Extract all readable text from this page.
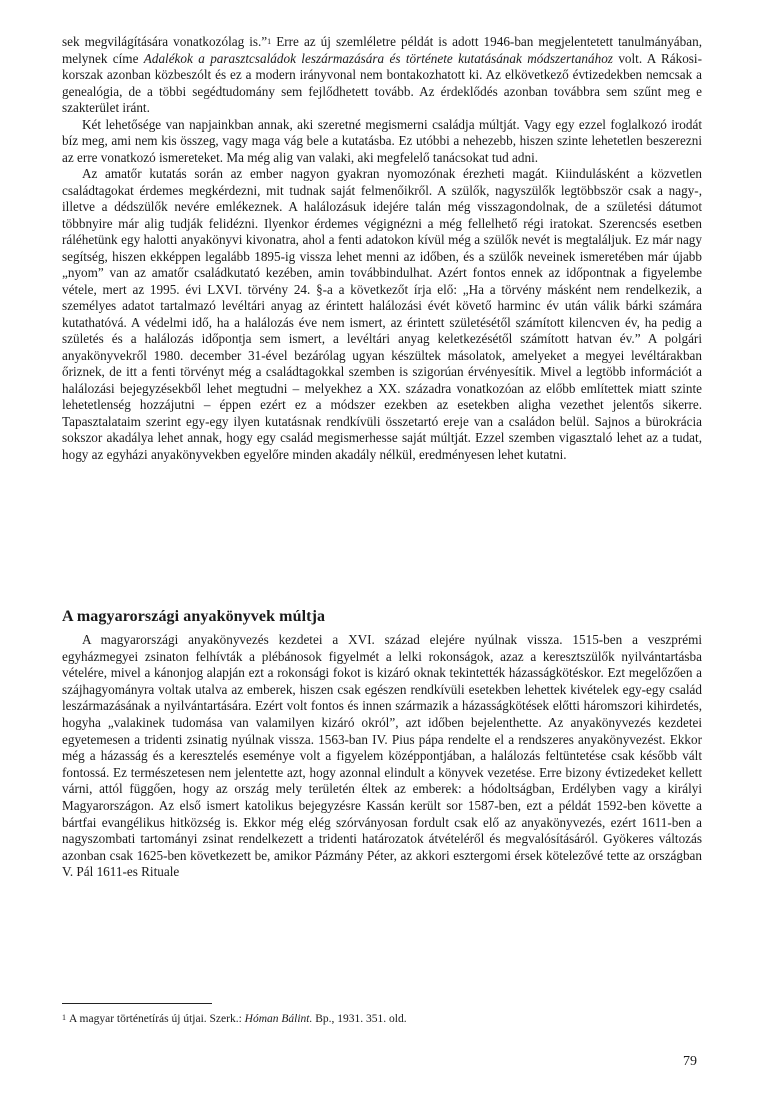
sek megvilágítására vonatkozólag is.”$^1$ Erre az új szemléletre példát is adott 1946-ban megjelentetett tanulmányában, melynek címe Adalékok a parasztcsaládok leszármazására és története kutatásának módszertanához volt. A Rákosi-korszak azonban közbeszólt és ez a modern irányvonal nem bontakozhatott ki. Az elkövetkező évtizedekben nemcsak a genealógia, de a többi segédtudomány sem fejlődhetett tovább. Az érdeklődés azonban továbbra sem szűnt meg e szakterület iránt.

Két lehetősége van napjainkban annak, aki szeretné megismerni családja múltját. Vagy egy ezzel foglalkozó irodát bíz meg, ami nem kis összeg, vagy maga vág bele a kutatásba. Ez utóbbi a nehezebb, hiszen szinte lehetetlen beszerezni az erre vonatkozó ismereteket. Ma még alig van valaki, aki megfelelő tanácsokat tud adni.

Az amatőr kutatás során az ember nagyon gyakran nyomozónak érezheti magát. Kiindulásként a közvetlen családtagokat érdemes megkérdezni, mit tudnak saját felmenőikről. A szülők, nagyszülők legtöbbször csak a nagy-, illetve a dédszülők nevére emlékeznek. A halálozásuk idejére talán még visszagondolnak, de a születési dátumot többnyire már alig tudják felidézni. Ilyenkor érdemes végignézni a még fellelhető régi iratokat. Szerencsés esetben ráléhetünk egy halotti anyakönyvi kivonatra, ahol a fenti adatokon kívül még a szülők nevét is megtaláljuk. Ez már nagy segítség, hiszen ekképpen legalább 1895-ig vissza lehet menni az időben, és a szülők neveinek ismeretében már újabb „nyom” van az amatőr családkutató kezében, amin továbbindulhat. Azért fontos ennek az időpontnak a figyelembe vétele, mert az 1995. évi LXVI. törvény 24. §-a a következőt írja elő: „Ha a törvény másként nem rendelkezik, a személyes adatot tartalmazó levéltári anyag az érintett halálozási évét követő harminc év után válik bárki számára kutathatóvá. A védelmi idő, ha a halálozás éve nem ismert, az érintett születésétől számított kilencven év, ha pedig a születés és a halálozás időpontja sem ismert, a levéltári anyag keletkezésétől számított hatvan év.” A polgári anyakönyvekről 1980. december 31-ével bezárólag ugyan készültek másolatok, amelyeket a megyei levéltárakban őriznek, de itt a fenti törvényt még a családtagokkal szemben is szigorúan érvényesítik. Mivel a legtöbb információt a halálozási bejegyzésekből lehet megtudni – melyekhez a XX. századra vonatkozóan az előbb említettek miatt szinte lehetetlenség hozzájutni – éppen ezért ez a módszer ezekben az esetekben aligha vezethet jelentős sikerre. Tapasztalataim szerint egy-egy ilyen kutatásnak rendkívüli összetartó ereje van a családon belül. Sajnos a bürokrácia sokszor akadálya lehet annak, hogy egy család megismerhesse saját múltját. Ezzel szemben vigasztaló lehet az a tudat, hogy az egyházi anyakönyvekben egyelőre minden akadály nélkül, eredményesen lehet kutatni.

A magyarországi anyakönyvek múltja

A magyarországi anyakönyvezés kezdetei a XVI. század elejére nyúlnak vissza. 1515-ben a veszprémi egyházmegyei zsinaton felhívták a plébánosok figyelmét a lelki rokonságok, azaz a keresztszülők nyilvántartásba vételére, mivel a kánonjog alapján ezt a rokonsági fokot is kizáró oknak tekintették házasságkötéskor. Ezt megelőzően a szájhagyományra voltak utalva az emberek, hiszen csak egészen rendkívüli esetekben lehettek kivételek egy-egy család leszármazásának a nyilvántartására. Ezért volt fontos és innen származik a házasságkötések előtti háromszori kihirdetés, hogyha „valakinek tudomása van valamilyen kizáró okról”, azt időben bejelenthette. Az anyakönyvezés kezdetei egyetemesen a tridenti zsinatig nyúlnak vissza. 1563-ban IV. Pius pápa rendelte el a rendszeres anyakönyvezést. Ekkor még a házasság és a keresztelés eseménye volt a figyelem középpontjában, a halálozás feltüntetése csak később vált fontossá. Ez természetesen nem jelentette azt, hogy azonnal elindult a könyvek vezetése. Erre bizony évtizedeket kellett várni, attól függően, hogy az ország mely területén éltek az emberek: a hódoltságban, Erdélyben vagy a királyi Magyarországon. Az első ismert katolikus bejegyzésre Kassán került sor 1587-ben, ezt a példát 1592-ben követte a bártfai evangélikus hitközség is. Ekkor még elég szórványosan fordult csak elő az anyakönyvezés, ezért 1611-ben a nagyszombati tartományi zsinat rendelkezett a tridenti határozatok átvételéről és megvalósításáról. Gyökeres változás azonban csak 1625-ben következett be, amikor Pázmány Péter, az akkori esztergomi érsek kötelezővé tette az országban V. Pál 1611-es Rituale

$^1$ A magyar történetírás új útjai. Szerk.: Hóman Bálint. Bp., 1931. 351. old.
79
